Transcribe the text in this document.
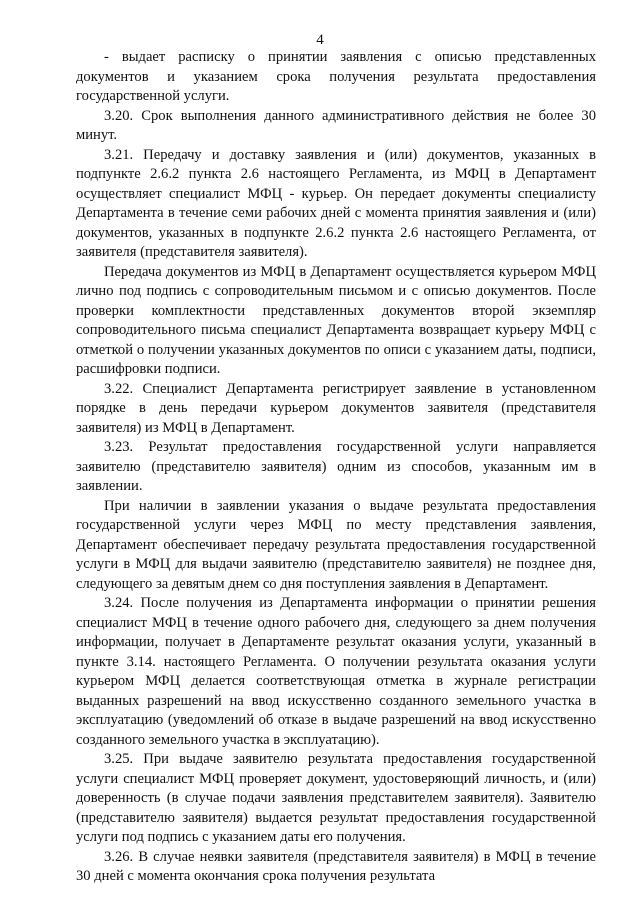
4

- выдает расписку о принятии заявления с описью представленных документов и указанием срока получения результата предоставления государственной услуги.

3.20. Срок выполнения данного административного действия не более 30 минут.

3.21. Передачу и доставку заявления и (или) документов, указанных в подпункте 2.6.2 пункта 2.6 настоящего Регламента, из МФЦ в Департамент осуществляет специалист МФЦ - курьер. Он передает документы специалисту Департамента в течение семи рабочих дней с момента принятия заявления и (или) документов, указанных в подпункте 2.6.2 пункта 2.6 настоящего Регламента, от заявителя (представителя заявителя).

Передача документов из МФЦ в Департамент осуществляется курьером МФЦ лично под подпись с сопроводительным письмом и с описью документов. После проверки комплектности представленных документов второй экземпляр сопроводительного письма специалист Департамента возвращает курьеру МФЦ с отметкой о получении указанных документов по описи с указанием даты, подписи, расшифровки подписи.

3.22. Специалист Департамента регистрирует заявление в установленном порядке в день передачи курьером документов заявителя (представителя заявителя) из МФЦ в Департамент.

3.23. Результат предоставления государственной услуги направляется заявителю (представителю заявителя) одним из способов, указанным им в заявлении.

При наличии в заявлении указания о выдаче результата предоставления государственной услуги через МФЦ по месту представления заявления, Департамент обеспечивает передачу результата предоставления государственной услуги в МФЦ для выдачи заявителю (представителю заявителя) не позднее дня, следующего за девятым днем со дня поступления заявления в Департамент.

3.24. После получения из Департамента информации о принятии решения специалист МФЦ в течение одного рабочего дня, следующего за днем получения информации, получает в Департаменте результат оказания услуги, указанный в пункте 3.14. настоящего Регламента. О получении результата оказания услуги курьером МФЦ делается соответствующая отметка в журнале регистрации выданных разрешений на ввод искусственно созданного земельного участка в эксплуатацию (уведомлений об отказе в выдаче разрешений на ввод искусственно созданного земельного участка в эксплуатацию).

3.25. При выдаче заявителю результата предоставления государственной услуги специалист МФЦ проверяет документ, удостоверяющий личность, и (или) доверенность (в случае подачи заявления представителем заявителя). Заявителю (представителю заявителя) выдается результат предоставления государственной услуги под подпись с указанием даты его получения.

3.26. В случае неявки заявителя (представителя заявителя) в МФЦ в течение 30 дней с момента окончания срока получения результата
